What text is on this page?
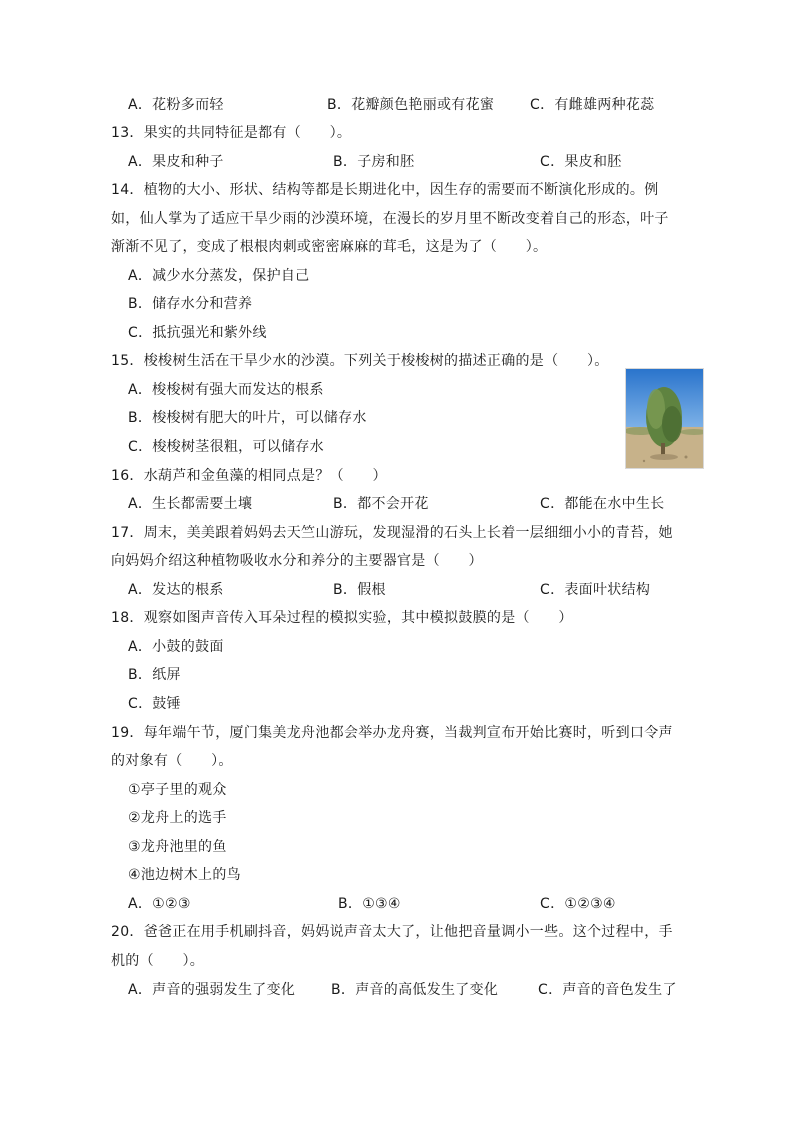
A．花粉多而轻	B．花瓣颜色艳丽或有花蜜	C．有雌雄两种花蕊
13．果实的共同特征是都有（　　）。
A．果皮和种子	B．子房和胚	C．果皮和胚
14．植物的大小、形状、结构等都是长期进化中，因生存的需要而不断演化形成的。例
如，仙人掌为了适应干旱少雨的沙漠环境，在漫长的岁月里不断改变着自己的形态，叶子
渐渐不见了，变成了根根肉刺或密密麻麻的茸毛，这是为了（　　）。
A．减少水分蒸发，保护自己
B．储存水分和营养
C．抵抗强光和紫外线
15．梭梭树生活在干旱少水的沙漠。下列关于梭梭树的描述正确的是（　　）。
A．梭梭树有强大而发达的根系
B．梭梭树有肥大的叶片，可以储存水
C．梭梭树茎很粗，可以储存水
16．水葫芦和金鱼藻的相同点是？（　　）
A．生长都需要土壤	B．都不会开花	C．都能在水中生长
17．周末，美美跟着妈妈去天竺山游玩，发现湿滑的石头上长着一层细细小小的青苔，她
向妈妈介绍这种植物吸收水分和养分的主要器官是（　　）
A．发达的根系	B．假根	C．表面叶状结构
18．观察如图声音传入耳朵过程的模拟实验，其中模拟鼓膜的是（　　）
A．小鼓的鼓面
B．纸屏
C．鼓锤
19．每年端午节，厦门集美龙舟池都会举办龙舟赛，当裁判宣布开始比赛时，听到口令声
的对象有（　　）。
①亭子里的观众
②龙舟上的选手
③龙舟池里的鱼
④池边树木上的鸟
A．①②③	B．①③④	C．①②③④
20．爸爸正在用手机刷抖音，妈妈说声音太大了，让他把音量调小一些。这个过程中，手
机的（　　）。
A．声音的强弱发生了变化	B．声音的高低发生了变化	C．声音的音色发生了
